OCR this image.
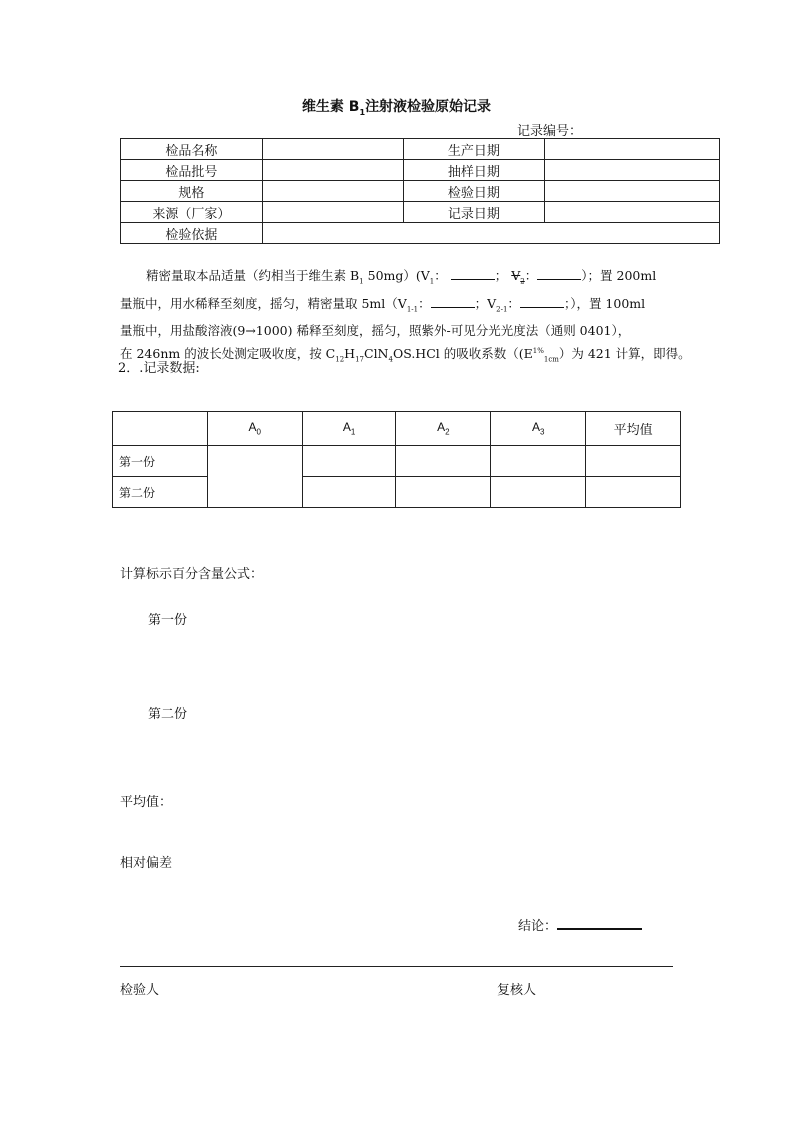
维生素 $B_1$注射液检验原始记录
记录编号：
检品名称		生产日期	
检品批号		抽样日期	
规格		检验日期	
来源（厂家）		记录日期	
检验依据			
精密量取本品适量（约相当于维生素 $B_1$ $50mg)(V_1$：	； $V_2$：	）；置 200ml
量瓶中，用水稀释至刻度，摇匀，精密量取 $5ml(V_{1-1}$：	；$V_{2-1}$：	；），置 100ml
量瓶中，用盐酸溶液(9→1000) 稀释至刻度，摇匀，照紫外-可见分光光度法（通则 0401），
在 246nm 的波长处测定吸收度，按 $C_{12}H_{17}ClN_4OS.HCl$ 的吸收系数（$(E^{1\%}_{1cm})$为 421 计算，即得。
2．.记录数据:
	$A_0$	$A_1$	$A_2$	$A_3$	平均值
第一份					
第二份					
计算标示百分含量公式：
第一份
第二份
平均值：
相对偏差
结论：
检验人	复核人
